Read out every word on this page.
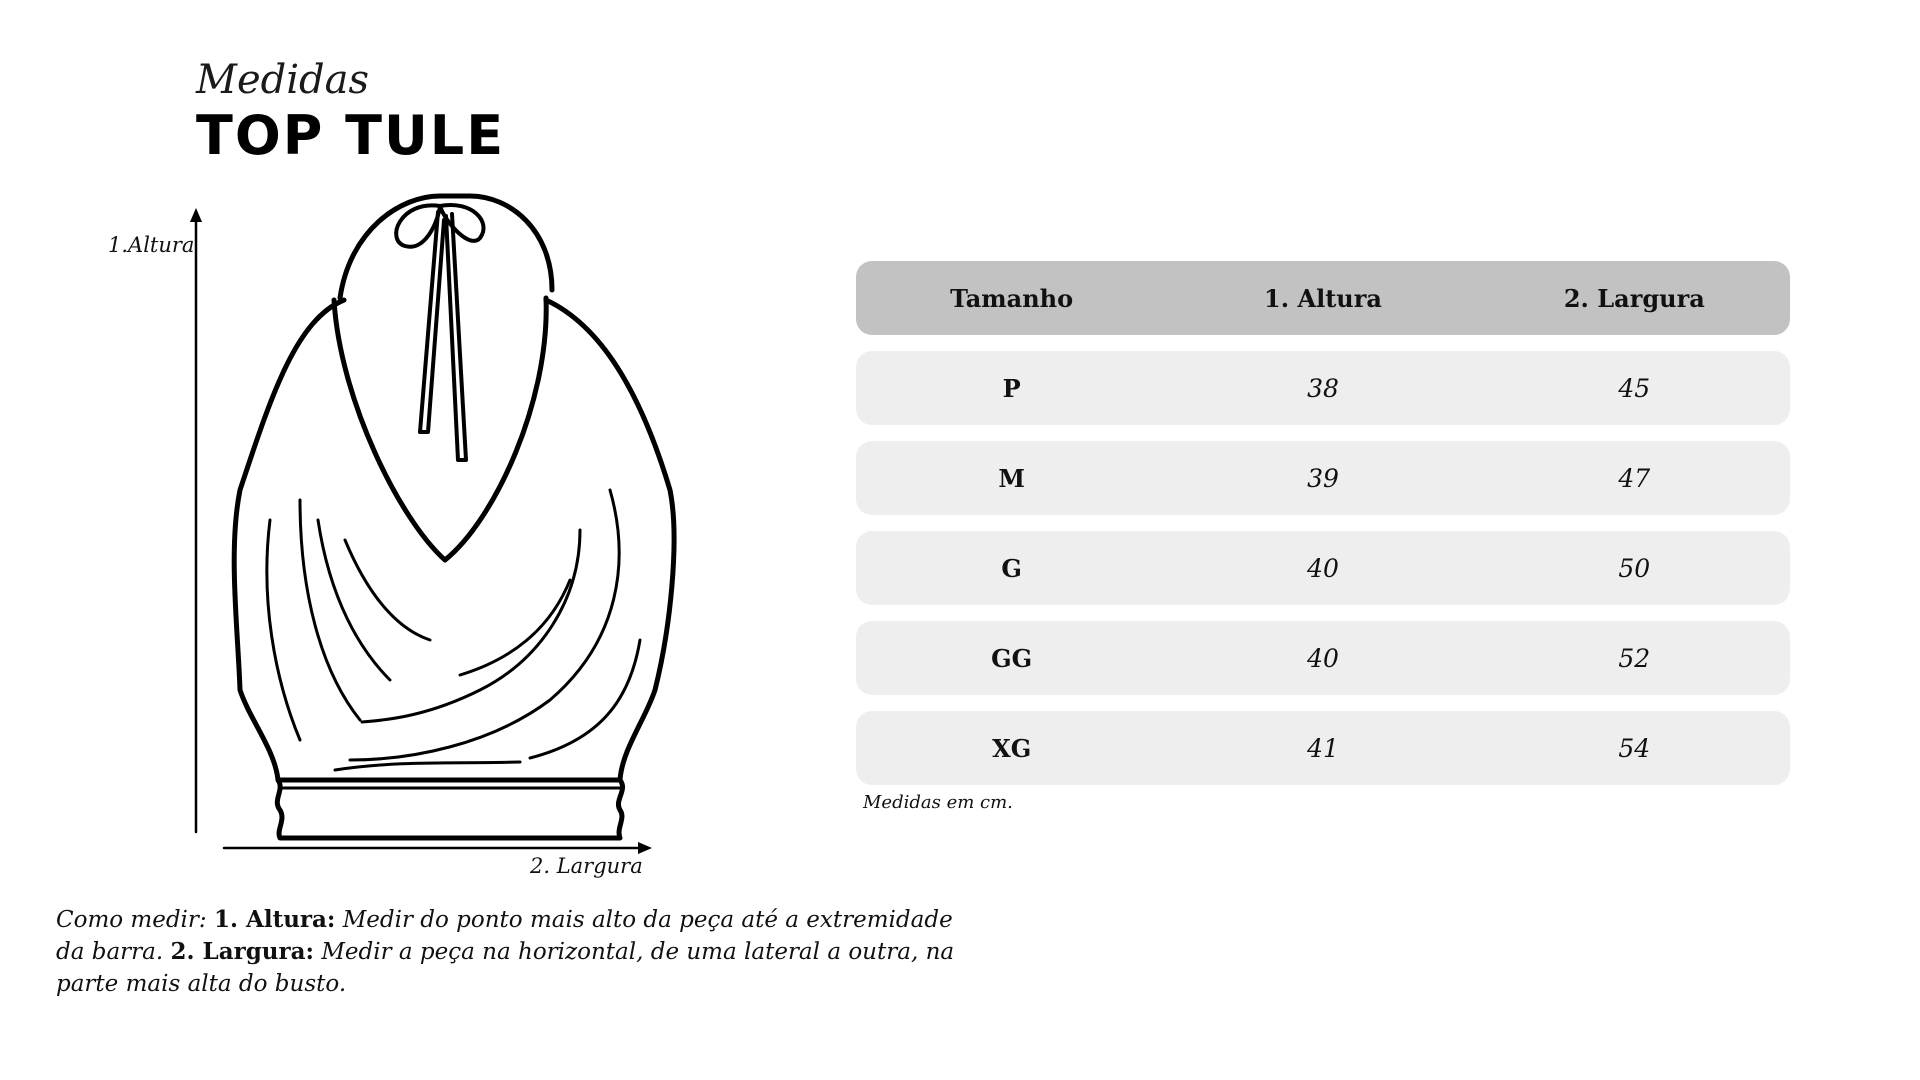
Medidas
TOP TULE
1.Altura
2. Largura
Tamanho	1. Altura	2. Largura
P	38	45
M	39	47
G	40	50
GG	40	52
XG	41	54
Medidas em cm.
Como medir: 1. Altura: Medir do ponto mais alto da peça até a extremidade da barra. 2. Largura: Medir a peça na horizontal, de uma lateral a outra, na parte mais alta do busto.
